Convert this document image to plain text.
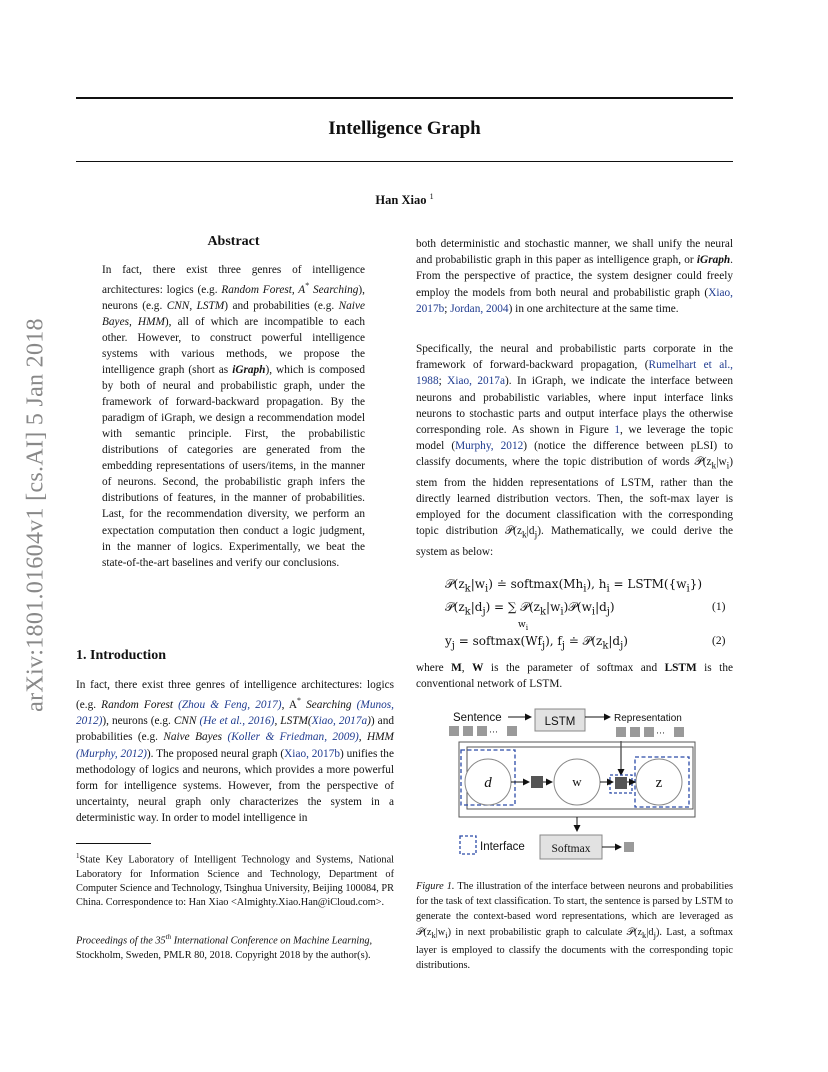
Intelligence Graph
Han Xiao $^1$
arXiv:1801.01604v1 [cs.AI] 5 Jan 2018
Abstract
In fact, there exist three genres of intelligence architectures: logics (e.g. Random Forest, A* Searching), neurons (e.g. CNN, LSTM) and probabilities (e.g. Naive Bayes, HMM), all of which are incompatible to each other. However, to construct powerful intelligence systems with various methods, we propose the intelligence graph (short as iGraph), which is composed by both of neural and probabilistic graph, under the framework of forward-backward propagation. By the paradigm of iGraph, we design a recommendation model with semantic principle. First, the probabilistic distributions of categories are generated from the embedding representations of users/items, in the manner of neurons. Second, the probabilistic graph infers the distributions of features, in the manner of probabilities. Last, for the recommendation diversity, we perform an expectation computation then conduct a logic judgment, in the manner of logics. Experimentally, we beat the state-of-the-art baselines and verify our conclusions.
1. Introduction
In fact, there exist three genres of intelligence architectures: logics (e.g. Random Forest (Zhou & Feng, 2017), A* Searching (Munos, 2012)), neurons (e.g. CNN (He et al., 2016), LSTM(Xiao, 2017a)) and probabilities (e.g. Naive Bayes (Koller & Friedman, 2009), HMM (Murphy, 2012)). The proposed neural graph (Xiao, 2017b) unifies the methodology of logics and neurons, which provides a more powerful form for intelligence systems. However, from the perspective of uncertainty, neural graph only characterizes the system in a deterministic way. In order to model intelligence in
$^1$State Key Laboratory of Intelligent Technology and Systems, National Laboratory for Information Science and Technology, Department of Computer Science and Technology, Tsinghua University, Beijing 100084, PR China. Correspondence to: Han Xiao <Almighty.Xiao.Han@iCloud.com>.
Proceedings of the 35th International Conference on Machine Learning, Stockholm, Sweden, PMLR 80, 2018. Copyright 2018 by the author(s).
both deterministic and stochastic manner, we shall unify the neural and probabilistic graph in this paper as intelligence graph, or iGraph. From the perspective of practice, the system designer could freely employ the models from both neural and probabilistic graph (Xiao, 2017b; Jordan, 2004) in one architecture at the same time.
Specifically, the neural and probabilistic parts corporate in the framework of forward-backward propagation, (Rumelhart et al., 1988; Xiao, 2017a). In iGraph, we indicate the interface between neurons and probabilistic variables, where input interface links neurons to stochastic parts and output interface plays the otherwise corresponding role. As shown in Figure 1, we leverage the topic model (Murphy, 2012) (notice the difference between pLSI) to classify documents, where the topic distribution of words $𝒫(z_k|w_i)$ stem from the hidden representations of LSTM, rather than the directly learned distribution vectors. Then, the soft-max layer is employed for the document classification with the corresponding topic distribution $𝒫(z_k|d_j)$. Mathematically, we could derive the system as below:
$𝒫(z_k|w_i)$ ≐ $softmax(Mh_i)$, $h_i$ = $LSTM(\{w_i\})$
$𝒫(z_k|d_j)$ = ∑ $𝒫(z_k|w_i)𝒫(w_i|d_j)$
$w_i$
(1)
$y_j$ = $softmax(Wf_j)$, $f_j$ ≐ $𝒫(z_k|d_j)$	(2)
where M, W is the parameter of softmax and LSTM is the conventional network of LSTM.
Sentence	LSTM	Representation
···	···
d	w	z
Interface Softmax
Figure 1. The illustration of the interface between neurons and probabilities for the task of text classification. To start, the sentence is parsed by LSTM to generate the context-based word representations, which are leveraged as $𝒫(z_k|w_i)$ in next probabilistic graph to calculate $𝒫(z_k|d_j)$. Last, a softmax layer is employed to classify the documents with the corresponding topic distributions.
